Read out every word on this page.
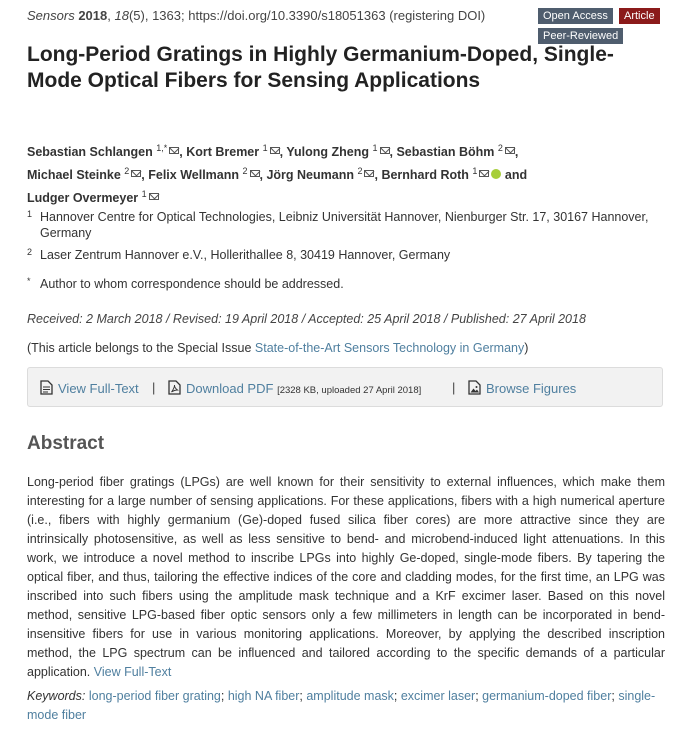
Sensors 2018, 18(5), 1363; https://doi.org/10.3390/s18051363 (registering DOI)	Open Access	Article
Peer-Reviewed
Long-Period Gratings in Highly Germanium-Doped, Single-Mode Optical Fibers for Sensing Applications
Sebastian Schlangen $^{1,*}$ , Kort Bremer $^1$ , Yulong Zheng $^1$ , Sebastian Böhm $^2$ ,
Michael Steinke $^2$ , Felix Wellmann $^2$ , Jörg Neumann $^2$ , Bernhard Roth $^1$ and
Ludger Overmeyer $^1$
1 Hannover Centre for Optical Technologies, Leibniz Universität Hannover, Nienburger Str. 17, 30167 Hannover, Germany
2 Laser Zentrum Hannover e.V., Hollerithallee 8, 30419 Hannover, Germany
* Author to whom correspondence should be addressed.
Received: 2 March 2018 / Revised: 19 April 2018 / Accepted: 25 April 2018 / Published: 27 April 2018
(This article belongs to the Special Issue State-of-the-Art Sensors Technology in Germany)
View Full-Text |	Download PDF [2328 KB, uploaded 27 April 2018] |	Browse Figures
Abstract
Long-period fiber gratings (LPGs) are well known for their sensitivity to external influences, which make them interesting for a large number of sensing applications. For these applications, fibers with a high numerical aperture (i.e., fibers with highly germanium (Ge)-doped fused silica fiber cores) are more attractive since they are intrinsically photosensitive, as well as less sensitive to bend- and microbend-induced light attenuations. In this work, we introduce a novel method to inscribe LPGs into highly Ge-doped, single-mode fibers. By tapering the optical fiber, and thus, tailoring the effective indices of the core and cladding modes, for the first time, an LPG was inscribed into such fibers using the amplitude mask technique and a KrF excimer laser. Based on this novel method, sensitive LPG-based fiber optic sensors only a few millimeters in length can be incorporated in bend-insensitive fibers for use in various monitoring applications. Moreover, by applying the described inscription method, the LPG spectrum can be influenced and tailored according to the specific demands of a particular application. View Full-Text
Keywords: long-period fiber grating; high NA fiber; amplitude mask; excimer laser; germanium-doped fiber; single-mode fiber
